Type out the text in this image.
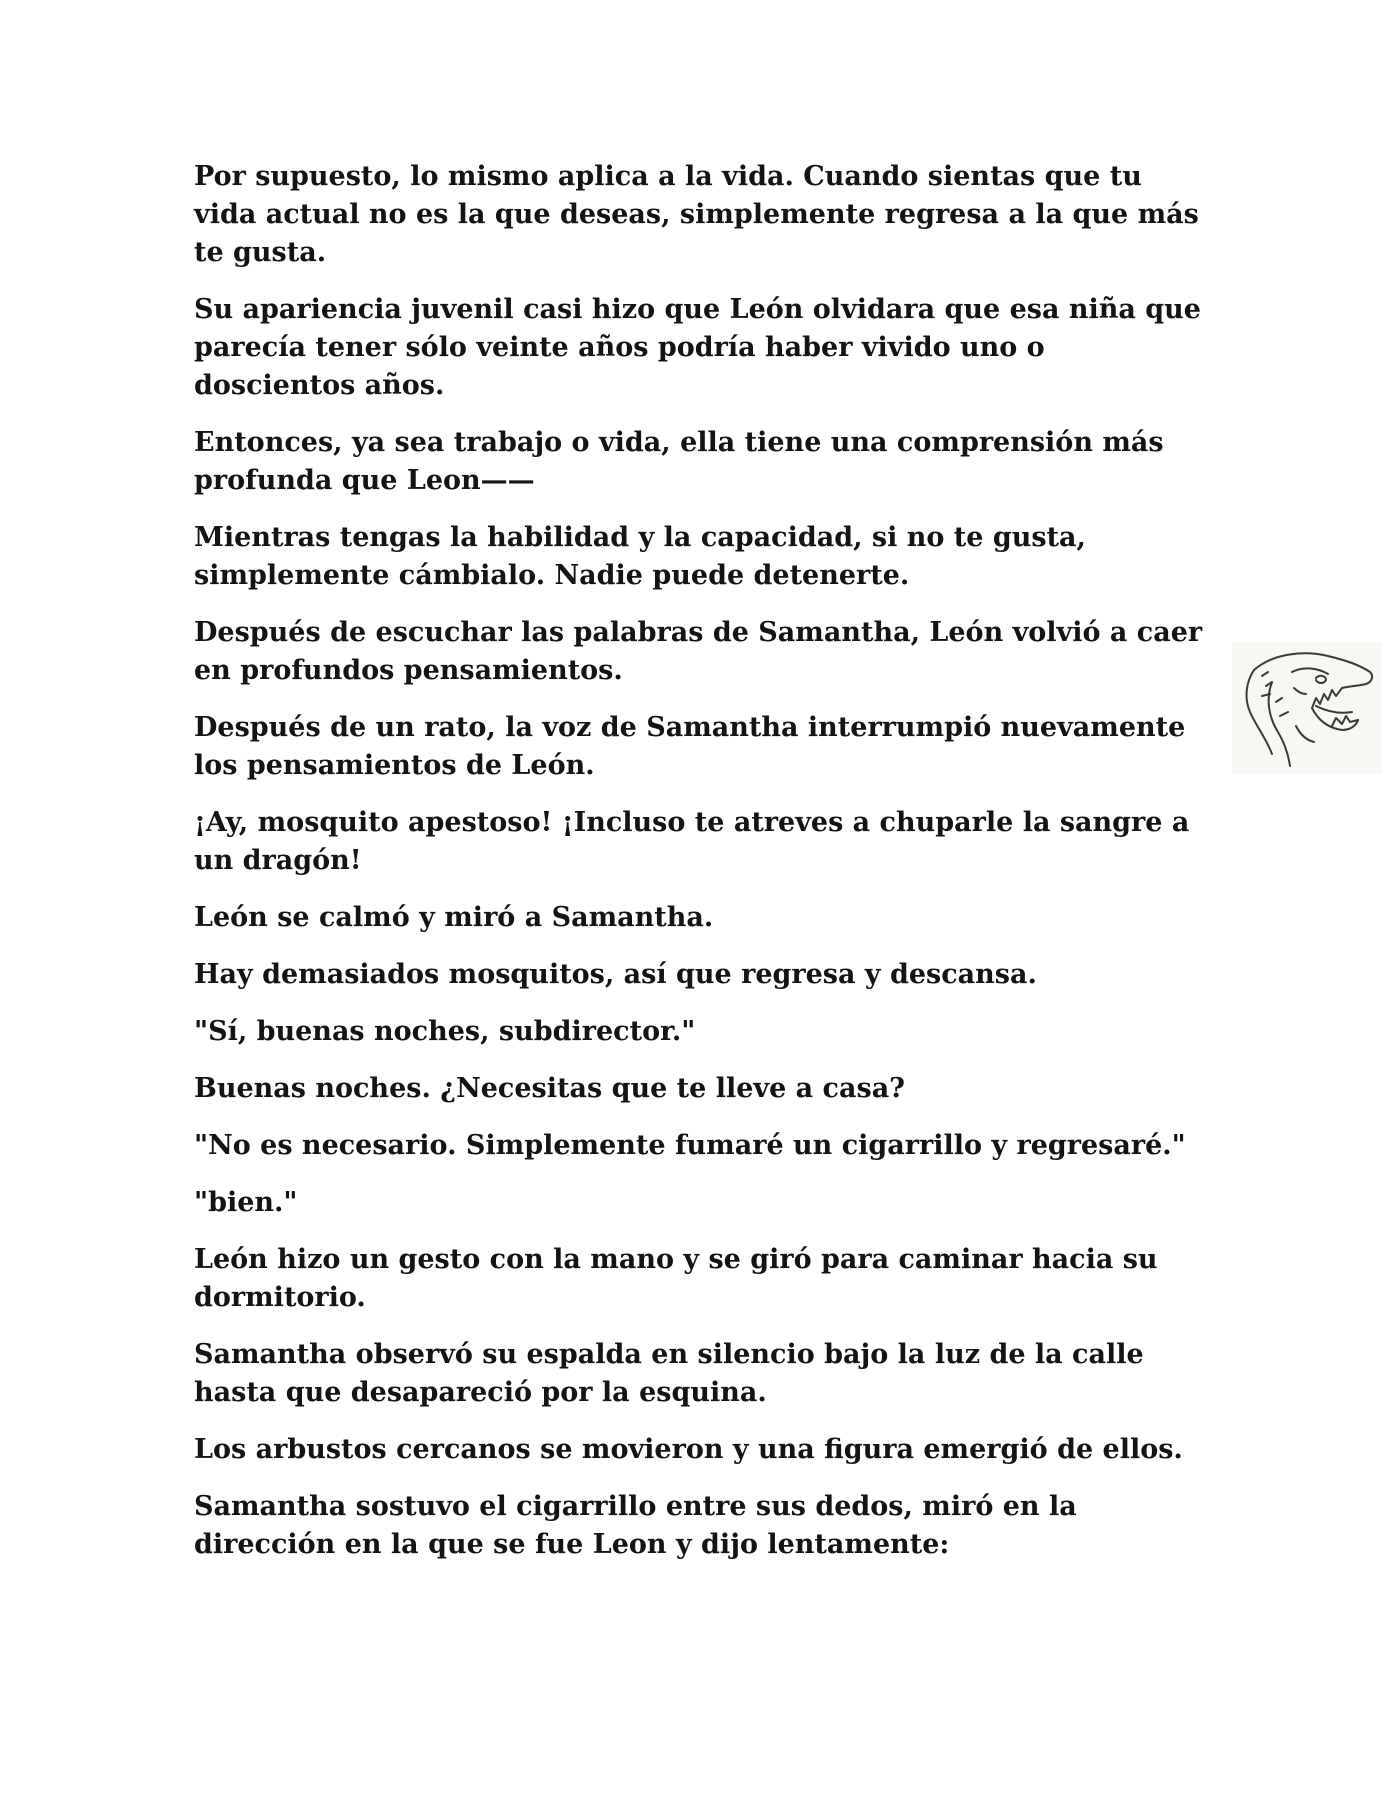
Por supuesto, lo mismo aplica a la vida. Cuando sientas que tu vida actual no es la que deseas, simplemente regresa a la que más te gusta.

Su apariencia juvenil casi hizo que León olvidara que esa niña que parecía tener sólo veinte años podría haber vivido uno o doscientos años.

Entonces, ya sea trabajo o vida, ella tiene una comprensión más profunda que Leon——

Mientras tengas la habilidad y la capacidad, si no te gusta, simplemente cámbialo. Nadie puede detenerte.

Después de escuchar las palabras de Samantha, León volvió a caer en profundos pensamientos.

Después de un rato, la voz de Samantha interrumpió nuevamente los pensamientos de León.

¡Ay, mosquito apestoso! ¡Incluso te atreves a chuparle la sangre a un dragón!

León se calmó y miró a Samantha.

Hay demasiados mosquitos, así que regresa y descansa.

"Sí, buenas noches, subdirector."

Buenas noches. ¿Necesitas que te lleve a casa?

"No es necesario. Simplemente fumaré un cigarrillo y regresaré."

"bien."

León hizo un gesto con la mano y se giró para caminar hacia su dormitorio.

Samantha observó su espalda en silencio bajo la luz de la calle hasta que desapareció por la esquina.

Los arbustos cercanos se movieron y una figura emergió de ellos.

Samantha sostuvo el cigarrillo entre sus dedos, miró en la dirección en la que se fue Leon y dijo lentamente:
